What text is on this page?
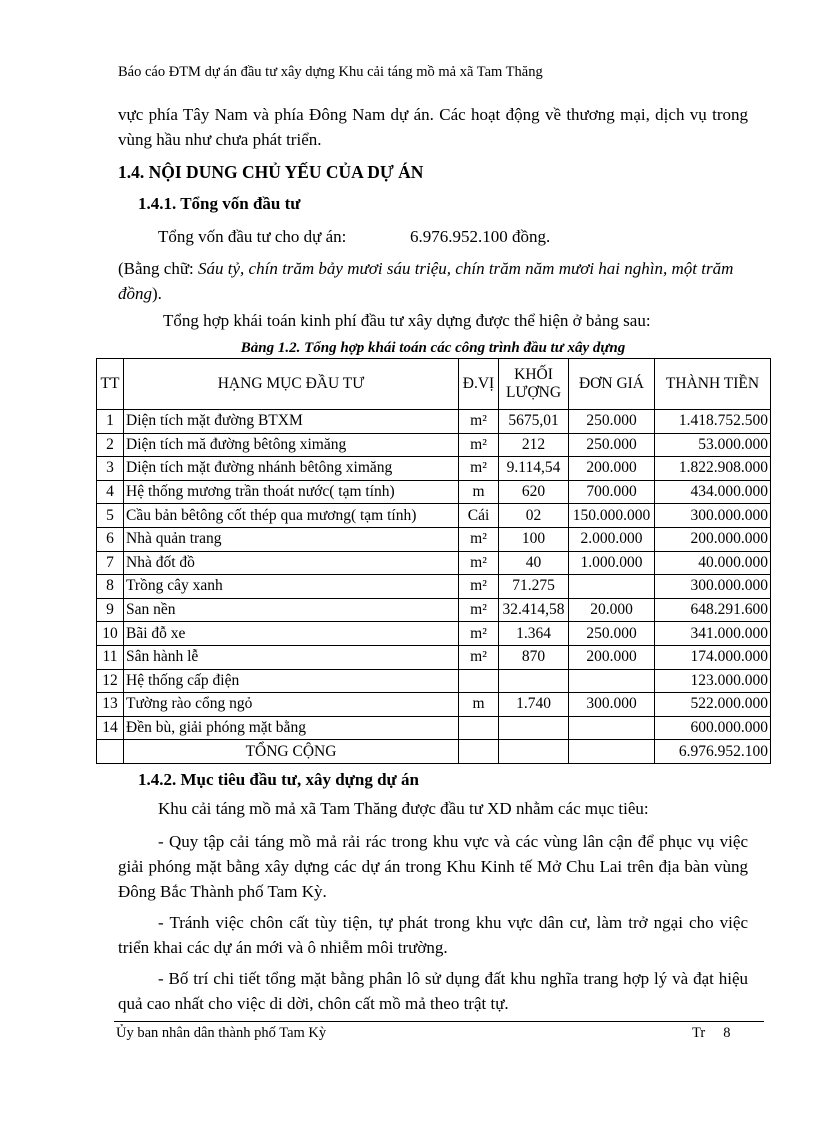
Báo cáo ĐTM dự án đầu tư xây dựng Khu cải táng mồ mả xã Tam Thăng
vực phía Tây Nam và phía Đông Nam dự án. Các hoạt động về thương mại, dịch vụ trong vùng hầu như chưa phát triển.
1.4. NỘI DUNG CHỦ YẾU CỦA DỰ ÁN
1.4.1. Tổng vốn đầu tư
Tổng vốn đầu tư cho dự án:	6.976.952.100 đồng.
(Bằng chữ: Sáu tỷ, chín trăm bảy mươi sáu triệu, chín trăm năm mươi hai nghìn, một trăm đồng).
Tổng hợp khái toán kinh phí đầu tư xây dựng được thể hiện ở bảng sau:
Bảng 1.2. Tổng hợp khái toán các công trình đầu tư xây dựng
TT	HẠNG MỤC ĐẦU TƯ	Đ.VỊ	KHỐI
LƯỢNG	ĐƠN GIÁ	THÀNH TIỀN
1	Diện tích mặt đường BTXM	m²	5675,01	250.000	1.418.752.500
2	Diện tích mă đường bêtông ximăng	m²	212	250.000	53.000.000
3	Diện tích mặt đường nhánh bêtông ximăng	m²	9.114,54	200.000	1.822.908.000
4	Hệ thống mương trần thoát nước( tạm tính)	m	620	700.000	434.000.000
5	Cầu bản bêtông cốt thép qua mương( tạm tính)	Cái	02	150.000.000	300.000.000
6	Nhà quản trang	m²	100	2.000.000	200.000.000
7	Nhà đốt đồ	m²	40	1.000.000	40.000.000
8	Trồng cây xanh	m²	71.275		300.000.000
9	San nền	m²	32.414,58	20.000	648.291.600
10	Bãi đỗ xe	m²	1.364	250.000	341.000.000
11	Sân hành lễ	m²	870	200.000	174.000.000
12	Hệ thống cấp điện				123.000.000
13	Tường rào cổng ngỏ	m	1.740	300.000	522.000.000
14	Đền bù, giải phóng mặt bằng				600.000.000
	TỔNG CỘNG				6.976.952.100
1.4.2. Mục tiêu đầu tư, xây dựng dự án
Khu cải táng mồ mả xã Tam Thăng được đầu tư XD nhằm các mục tiêu:
- Quy tập cải táng mồ mả rải rác trong khu vực và các vùng lân cận để phục vụ việc giải phóng mặt bằng xây dựng các dự án trong Khu Kinh tế Mở Chu Lai trên địa bàn vùng Đông Bắc Thành phố Tam Kỳ.
- Tránh việc chôn cất tùy tiện, tự phát trong khu vực dân cư, làm trở ngại cho việc triển khai các dự án mới và ô nhiễm môi trường.
- Bố trí chi tiết tổng mặt bằng phân lô sử dụng đất khu nghĩa trang hợp lý và đạt hiệu quả cao nhất cho việc di dời, chôn cất mồ mả theo trật tự.
Ủy ban nhân dân thành phố Tam Kỳ	Tr 8
